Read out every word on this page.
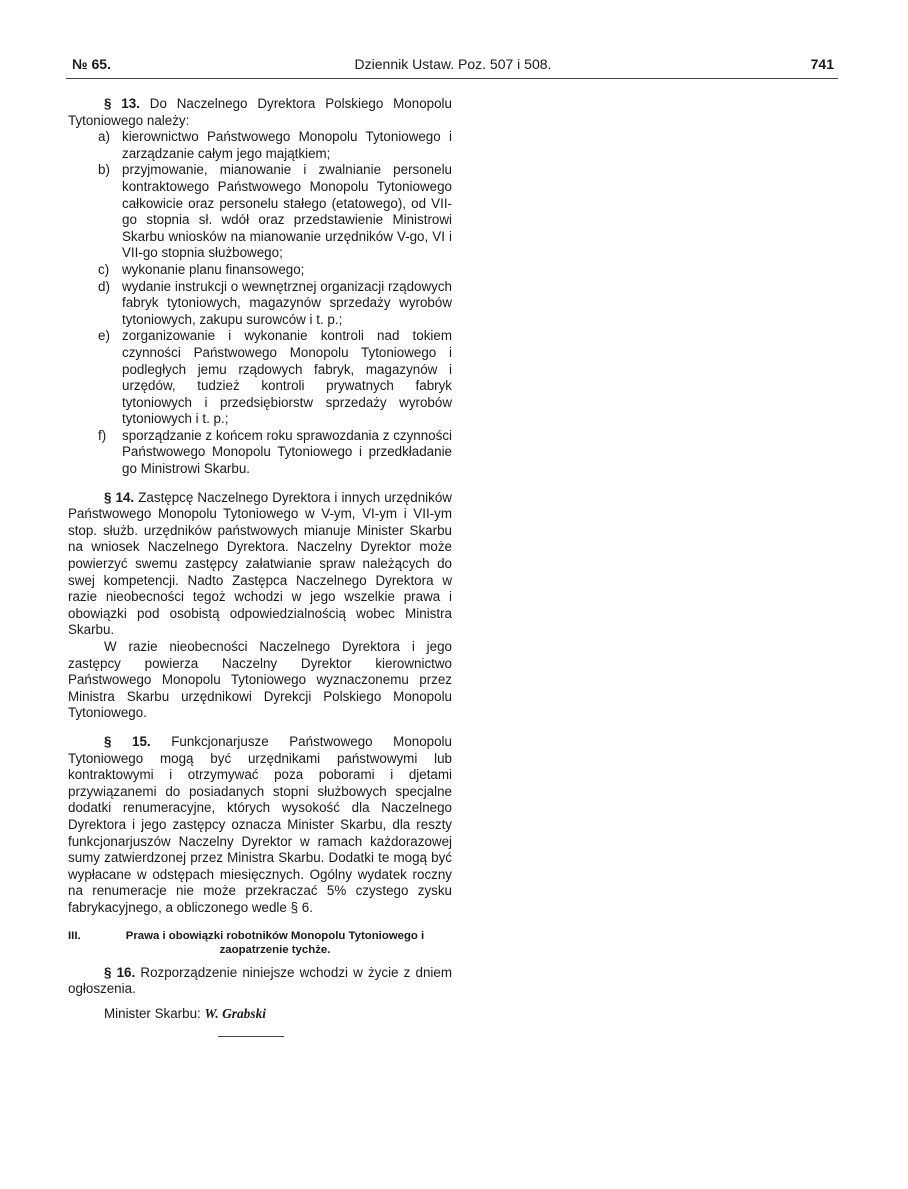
№ 65.	Dziennik Ustaw. Poz. 507 i 508.	741

§ 13. Do Naczelnego Dyrektora Polskiego Monopolu Tytoniowego należy:

a) kierownictwo Państwowego Monopolu Tytoniowego i zarządzanie całym jego majątkiem;
b) przyjmowanie, mianowanie i zwalnianie personelu kontraktowego Państwowego Monopolu Tytoniowego całkowicie oraz personelu stałego (etatowego), od VII-go stopnia sł. wdół oraz przedstawienie Ministrowi Skarbu wniosków na mianowanie urzędników V-go, VI i VII-go stopnia służbowego;
c) wykonanie planu finansowego;
d) wydanie instrukcji o wewnętrznej organizacji rządowych fabryk tytoniowych, magazynów sprzedaży wyrobów tytoniowych, zakupu surowców i t. p.;
e) zorganizowanie i wykonanie kontroli nad tokiem czynności Państwowego Monopolu Tytoniowego i podległych jemu rządowych fabryk, magazynów i urzędów, tudzież kontroli prywatnych fabryk tytoniowych i przedsiębiorstw sprzedaży wyrobów tytoniowych i t. p.;
f)	sporządzanie z końcem roku sprawozdania z czynności Państwowego Monopolu Tytoniowego i przedkładanie go Ministrowi Skarbu.

§ 14. Zastępcę Naczelnego Dyrektora i innych urzędników Państwowego Monopolu Tytoniowego w V-ym, VI-ym i VII-ym stop. służb. urzędników państwowych mianuje Minister Skarbu na wniosek Naczelnego Dyrektora. Naczelny Dyrektor może powierzyć swemu zastępcy załatwianie spraw należących do swej kompetencji. Nadto Zastępca Naczelnego Dyrektora w razie nieobecności tegoż wchodzi w jego wszelkie prawa i obowiązki pod osobistą odpowiedzialnością wobec Ministra Skarbu.

W razie nieobecności Naczelnego Dyrektora i jego zastępcy powierza Naczelny Dyrektor kierownictwo Państwowego Monopolu Tytoniowego wyznaczonemu przez Ministra Skarbu urzędnikowi Dyrekcji Polskiego Monopolu Tytoniowego.

§ 15. Funkcjonarjusze Państwowego Monopolu Tytoniowego mogą być urzędnikami państwowymi lub kontraktowymi i otrzymywać poza poborami i djetami przywiązanemi do posiadanych stopni służbowych specjalne dodatki renumeracyjne, których wysokość dla Naczelnego Dyrektora i jego zastępcy oznacza Minister Skarbu, dla reszty funkcjonarjuszów Naczelny Dyrektor w ramach każdorazowej sumy zatwierdzonej przez Ministra Skarbu. Dodatki te mogą być wypłacane w odstępach miesięcznych. Ogólny wydatek roczny na renumeracje nie może przekraczać 5% czystego zysku fabrykacyjnego, a obliczonego wedle § 6.

III.	Prawa i obowiązki robotników Monopolu Tytoniowego i zaopatrzenie tychże.

§ 16. Rozporządzenie niniejsze wchodzi w życie z dniem ogłoszenia.

Minister Skarbu: W. Grabski
